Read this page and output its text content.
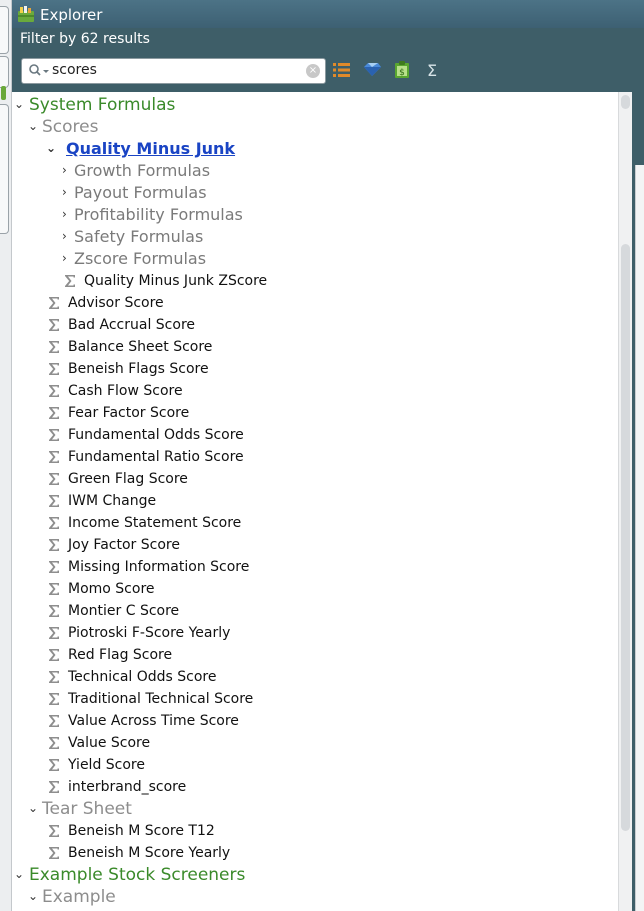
Explorer
Filter by 62 results
scores
×	$ Σ
⌄ System Formulas
⌄ Scores
⌄ Quality Minus Junk
› Growth Formulas
› Payout Formulas
› Profitability Formulas
› Safety Formulas
› Zscore Formulas
Quality Minus Junk ZScore
Advisor Score
Bad Accrual Score
Balance Sheet Score
Beneish Flags Score
Cash Flow Score
Fear Factor Score
Fundamental Odds Score
Fundamental Ratio Score
Green Flag Score
IWM Change
Income Statement Score
Joy Factor Score
Missing Information Score
Momo Score
Montier C Score
Piotroski F-Score Yearly
Red Flag Score
Technical Odds Score
Traditional Technical Score
Value Across Time Score
Value Score
Yield Score
interbrand_score
⌄ Tear Sheet
Beneish M Score T12
Beneish M Score Yearly
⌄ Example Stock Screeners
⌄ Example
